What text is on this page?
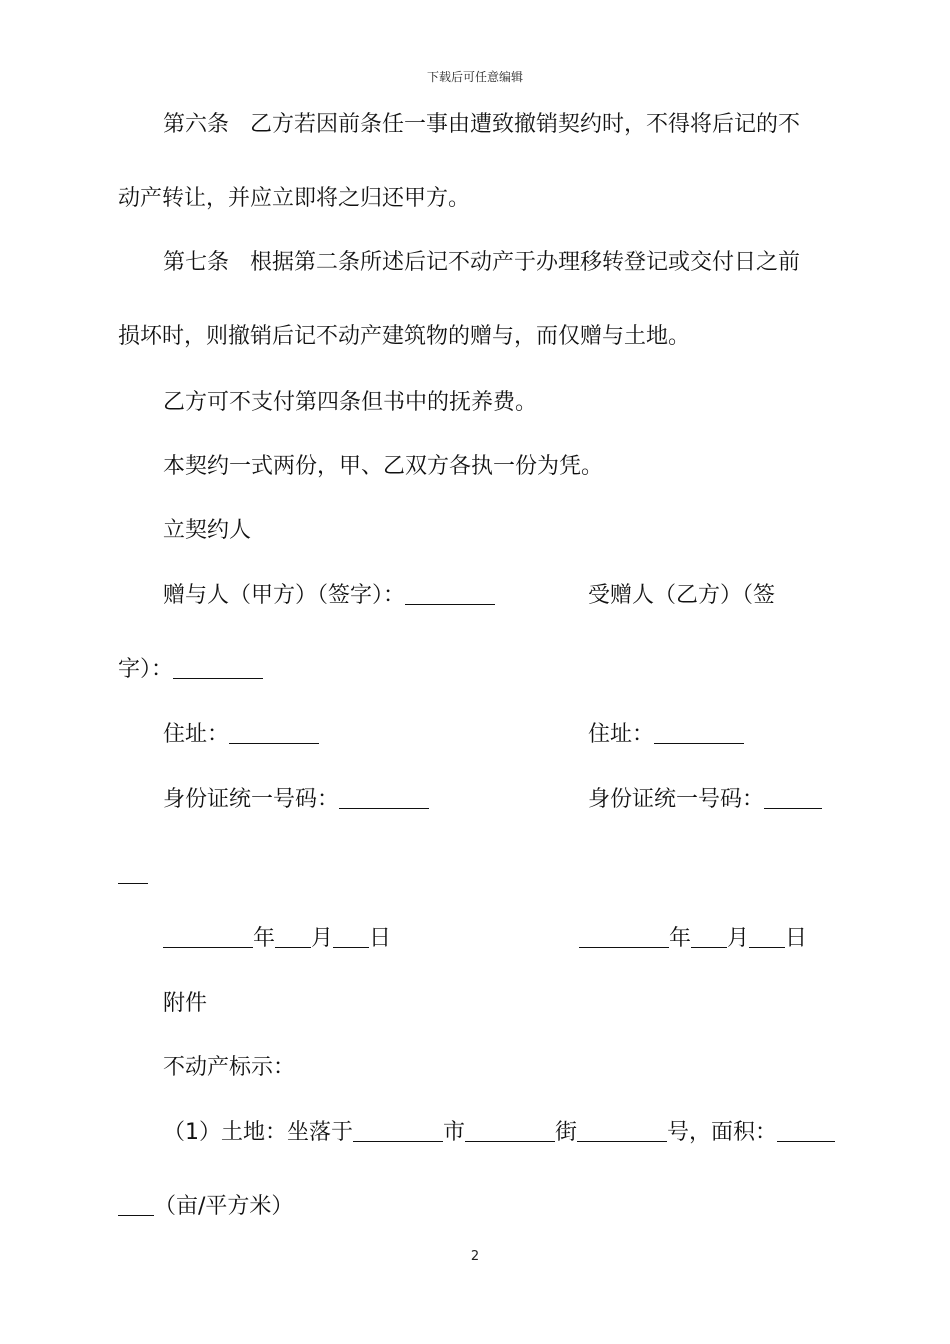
下载后可任意编辑
第六条 乙方若因前条任一事由遭致撤销契约时，不得将后记的不
动产转让，并应立即将之归还甲方。
第七条 根据第二条所述后记不动产于办理移转登记或交付日之前
损坏时，则撤销后记不动产建筑物的赠与，而仅赠与土地。
乙方可不支付第四条但书中的抚养费。
本契约一式两份，甲、乙双方各执一份为凭。
立契约人
赠与人（甲方）（签字）：	受赠人（乙方）（签
字）：
住址：	住址：
身份证统一号码：	身份证统一号码：
年 月 日	年 月 日
附件
不动产标示：
（1）土地：坐落于	市	街	号，面积：
（亩/平方米）
2
